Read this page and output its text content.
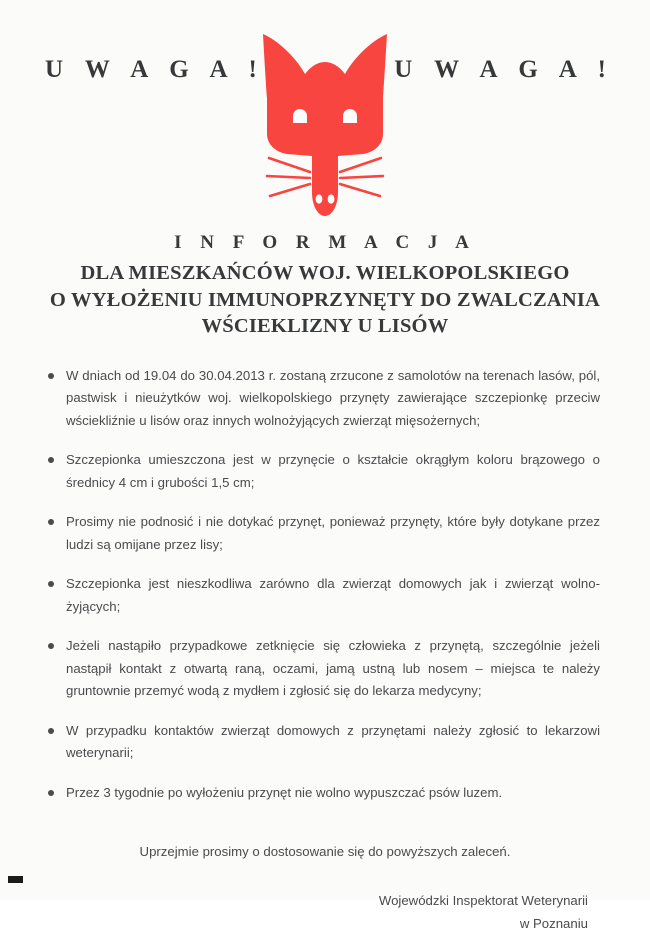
U W A G A !	U W A G A !
I N F O R M A C J A
DLA MIESZKAŃCÓW WOJ. WIELKOPOLSKIEGO
O WYŁOŻENIU IMMUNOPRZYNĘTY DO ZWALCZANIA
WŚCIEKLIZNY U LISÓW
W dniach od 19.04 do 30.04.2013 r. zostaną zrzucone z samolotów na terenach lasów, pól, pastwisk i nieużytków woj. wielkopolskiego przynęty zawierające szczepionkę przeciw wściekliźnie u lisów oraz innych wolnożyjących zwierząt mięsożernych;
Szczepionka umieszczona jest w przynęcie o kształcie okrągłym koloru brązowego o średnicy 4 cm i grubości 1,5 cm;
Prosimy nie podnosić i nie dotykać przynęt, ponieważ przynęty, które były dotykane przez ludzi są omijane przez lisy;
Szczepionka jest nieszkodliwa zarówno dla zwierząt domowych jak i zwierząt wolno-żyjących;
Jeżeli nastąpiło przypadkowe zetknięcie się człowieka z przynętą, szczególnie jeżeli nastąpił kontakt z otwartą raną, oczami, jamą ustną lub nosem – miejsca te należy gruntownie przemyć wodą z mydłem i zgłosić się do lekarza medycyny;
W przypadku kontaktów zwierząt domowych z przynętami należy zgłosić to lekarzowi weterynarii;
Przez 3 tygodnie po wyłożeniu przynęt nie wolno wypuszczać psów luzem.
Uprzejmie prosimy o dostosowanie się do powyższych zaleceń.
Wojewódzki Inspektorat Weterynarii
w Poznaniu
